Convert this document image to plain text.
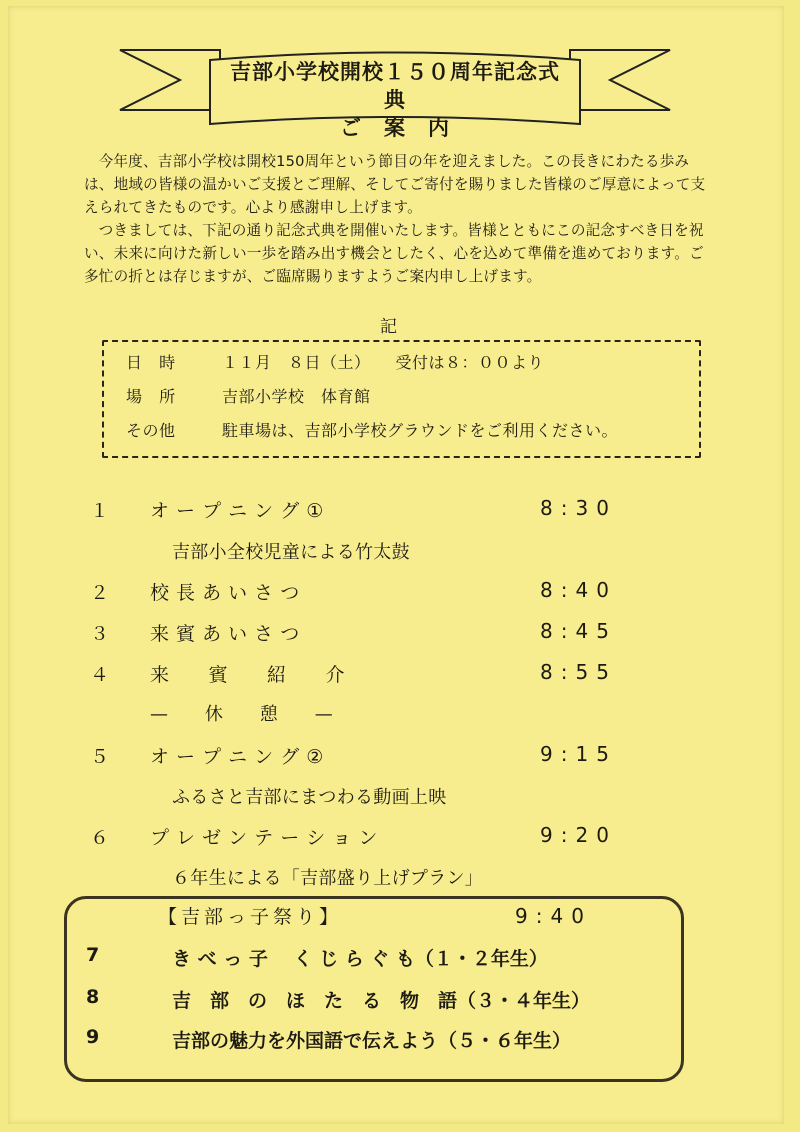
吉部小学校開校１５０周年記念式典
ご　案　内

今年度、吉部小学校は開校150周年という節目の年を迎えました。この長きにわたる歩みは、地域の皆様の温かいご支援とご理解、そしてご寄付を賜りました皆様のご厚意によって支えられてきたものです。心より感謝申し上げます。

つきましては、下記の通り記念式典を開催いたします。皆様とともにこの記念すべき日を祝い、未来に向けた新しい一歩を踏み出す機会としたく、心を込めて準備を進めております。ご多忙の折とは存じますが、ご臨席賜りますようご案内申し上げます。

記
日 時	１１月　８日（土）　　受付は８：００より
場 所	吉部小学校　体育館
その他	駐車場は、吉部小学校グラウンドをご利用ください。
１ オ ー プ ニ ン グ ①	8:30
吉部小全校児童による竹太鼓
２ 校 長 あ い さ つ	8:40
３ 来 賓 あ い さ つ	8:45
４ 来　　賓　　紹　　介	8:55
—　　休　　憩　　—
５ オ ー プ ニ ン グ ②	9:15
ふるさと吉部にまつわる動画上映
６ プ レ ゼ ン テ ー シ ョ ン	9:20
６年生による「吉部盛り上げプラン」
【吉部っ子祭り】	9:40
7	き べ っ 子　 く じ ら ぐ も（１・２年生）
8	吉　部　の　ほ　た　る　物　語（３・４年生）
9	吉部の魅力を外国語で伝えよう（５・６年生）
